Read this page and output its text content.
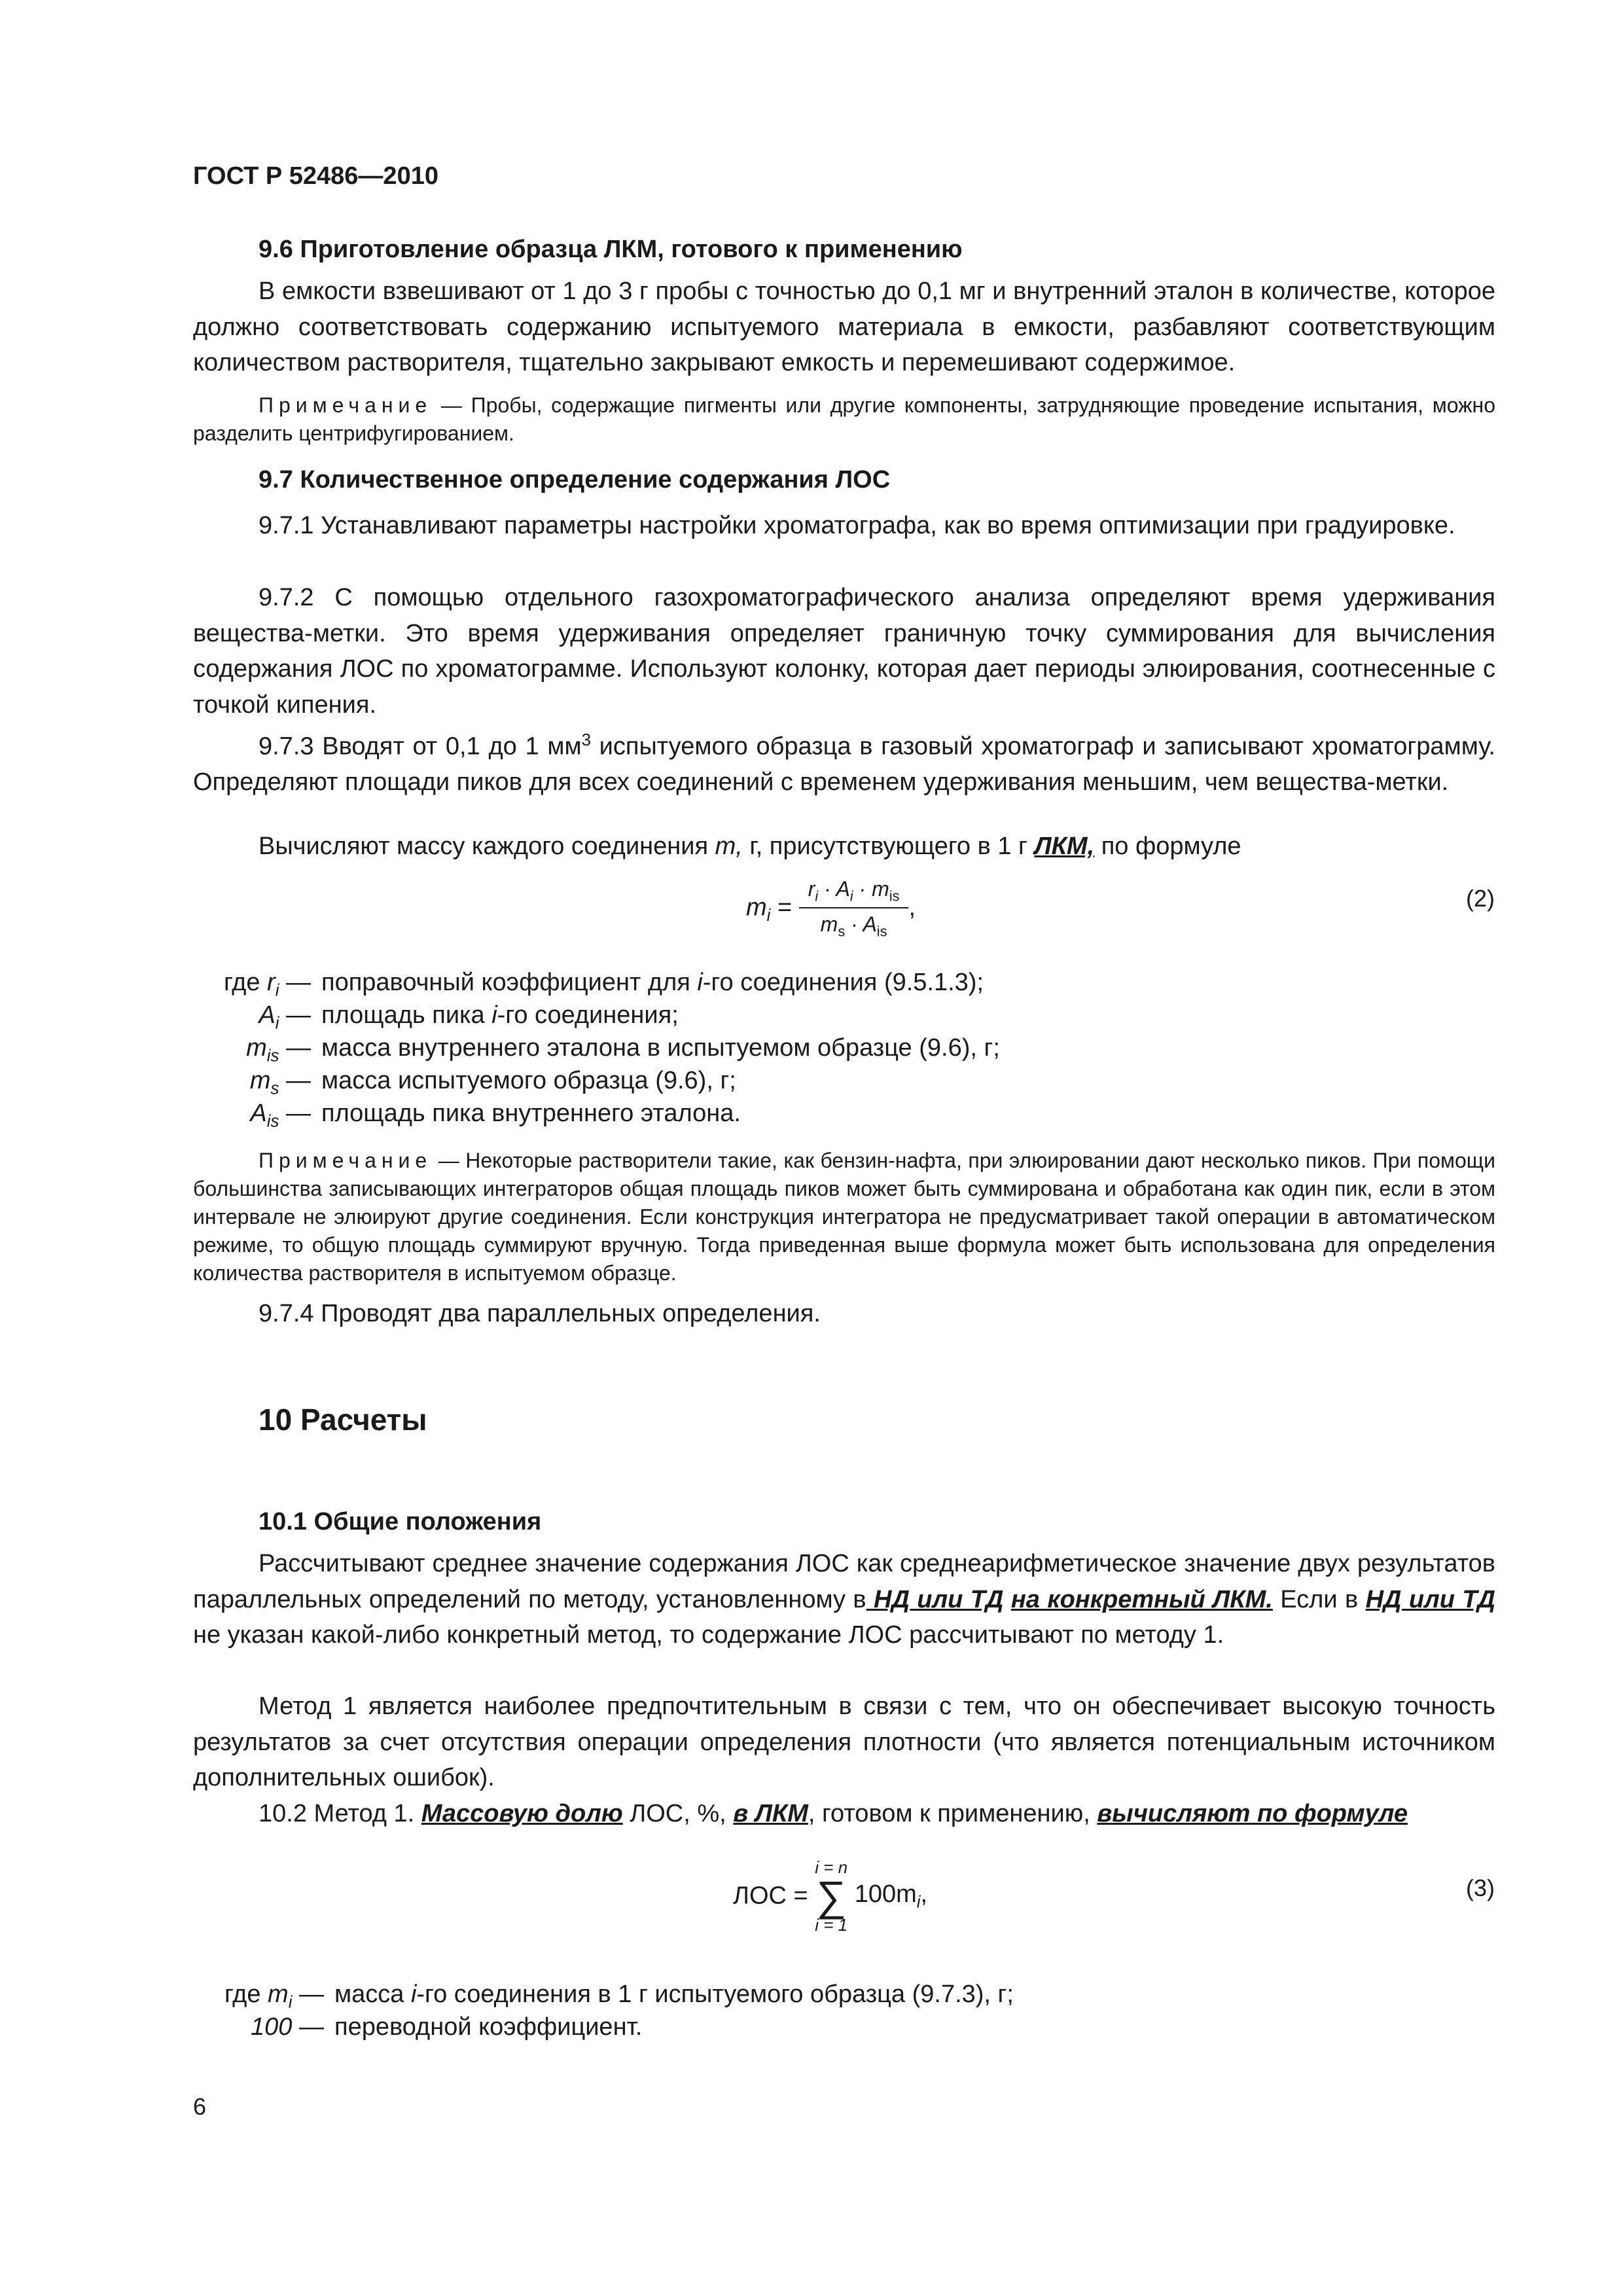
ГОСТ Р 52486—2010
9.6 Приготовление образца ЛКМ, готового к применению

В емкости взвешивают от 1 до 3 г пробы с точностью до 0,1 мг и внутренний эталон в количестве, которое должно соответствовать содержанию испытуемого материала в емкости, разбавляют соответствующим количеством растворителя, тщательно закрывают емкость и перемешивают содержимое.

Примечание — Пробы, содержащие пигменты или другие компоненты, затрудняющие проведение испытания, можно разделить центрифугированием.

9.7 Количественное определение содержания ЛОС

9.7.1 Устанавливают параметры настройки хроматографа, как во время оптимизации при градуировке.

9.7.2 С помощью отдельного газохроматографического анализа определяют время удерживания вещества-метки. Это время удерживания определяет граничную точку суммирования для вычисления содержания ЛОС по хроматограмме. Используют колонку, которая дает периоды элюирования, соотнесенные с точкой кипения.

9.7.3 Вводят от 0,1 до 1 $мм^3$ испытуемого образца в газовый хроматограф и записывают хроматограмму. Определяют площади пиков для всех соединений с временем удерживания меньшим, чем вещества-метки.

Вычисляют массу каждого соединения m, г, присутствующего в 1 г ЛКМ, по формуле

$m_i = \frac{r_i \cdot A_i \cdot m_{is}}{m_s \cdot A_{is}}$ ,	(2)
где $r_i$ — поправочный коэффициент для i-го соединения (9.5.1.3);
$A_i$ — площадь пика i-го соединения;
$m_{is}$ — масса внутреннего эталона в испытуемом образце (9.6), г;
$m_s$ — масса испытуемого образца (9.6), г;
$A_{is}$ — площадь пика внутреннего эталона.

Примечание — Некоторые растворители такие, как бензин-нафта, при элюировании дают несколько пиков. При помощи большинства записывающих интеграторов общая площадь пиков может быть суммирована и обработана как один пик, если в этом интервале не элюируют другие соединения. Если конструкция интегратора не предусматривает такой операции в автоматическом режиме, то общую площадь суммируют вручную. Тогда приведенная выше формула может быть использована для определения количества растворителя в испытуемом образце.

9.7.4 Проводят два параллельных определения.

10 Расчеты
10.1 Общие положения

Рассчитывают среднее значение содержания ЛОС как среднеарифметическое значение двух результатов параллельных определений по методу, установленному в НД или ТД на конкретный ЛКМ. Если в НД или ТД не указан какой-либо конкретный метод, то содержание ЛОС рассчитывают по методу 1.

Метод 1 является наиболее предпочтительным в связи с тем, что он обеспечивает высокую точность результатов за счет отсутствия операции определения плотности (что является потенциальным источником дополнительных ошибок).

10.2 Метод 1. Массовую долю ЛОС, %, в ЛКМ, готовом к применению, вычисляют по формуле

ЛОС = i = n
∑
i = 1 $100m_i$,	(3)
где $m_i$ — масса i-го соединения в 1 г испытуемого образца (9.7.3), г;
100 — переводной коэффициент.
6
